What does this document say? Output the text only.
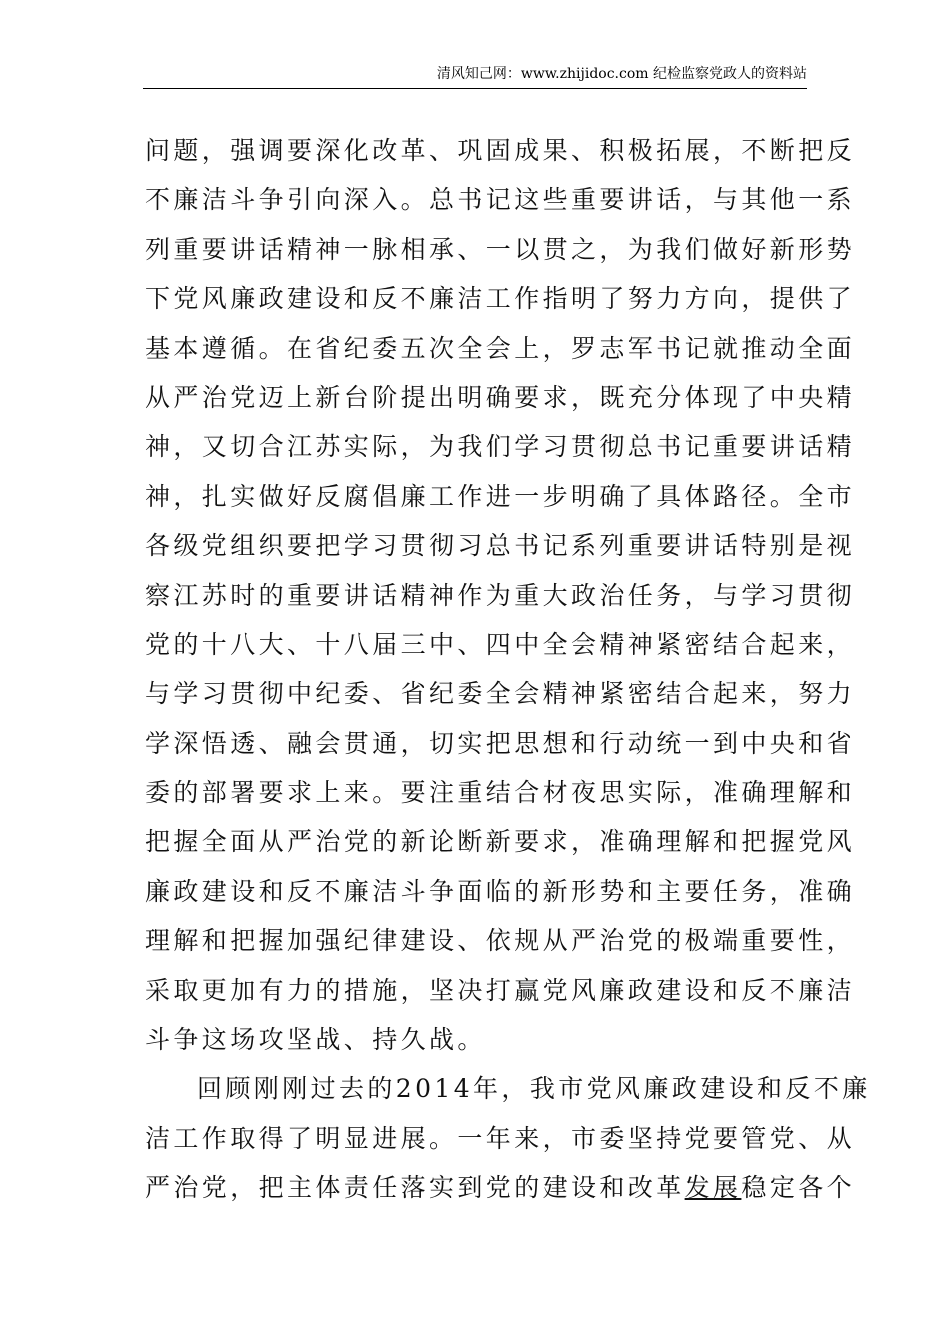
清风知己网：www.zhijidoc.com 纪检监察党政人的资料站
问题，强调要深化改革、巩固成果、积极拓展，不断把反
不廉洁斗争引向深入。总书记这些重要讲话，与其他一系
列重要讲话精神一脉相承、一以贯之，为我们做好新形势
下党风廉政建设和反不廉洁工作指明了努力方向，提供了
基本遵循。在省纪委五次全会上，罗志军书记就推动全面
从严治党迈上新台阶提出明确要求，既充分体现了中央精
神，又切合江苏实际，为我们学习贯彻总书记重要讲话精
神，扎实做好反腐倡廉工作进一步明确了具体路径。全市
各级党组织要把学习贯彻习总书记系列重要讲话特别是视
察江苏时的重要讲话精神作为重大政治任务，与学习贯彻
党的十八大、十八届三中、四中全会精神紧密结合起来，
与学习贯彻中纪委、省纪委全会精神紧密结合起来，努力
学深悟透、融会贯通，切实把思想和行动统一到中央和省
委的部署要求上来。要注重结合材夜思实际，准确理解和
把握全面从严治党的新论断新要求，准确理解和把握党风
廉政建设和反不廉洁斗争面临的新形势和主要任务，准确
理解和把握加强纪律建设、依规从严治党的极端重要性，
采取更加有力的措施，坚决打赢党风廉政建设和反不廉洁
斗争这场攻坚战、持久战。
回顾刚刚过去的2014年，我市党风廉政建设和反不廉
洁工作取得了明显进展。一年来，市委坚持党要管党、从
严治党，把主体责任落实到党的建设和改革发展稳定各个
